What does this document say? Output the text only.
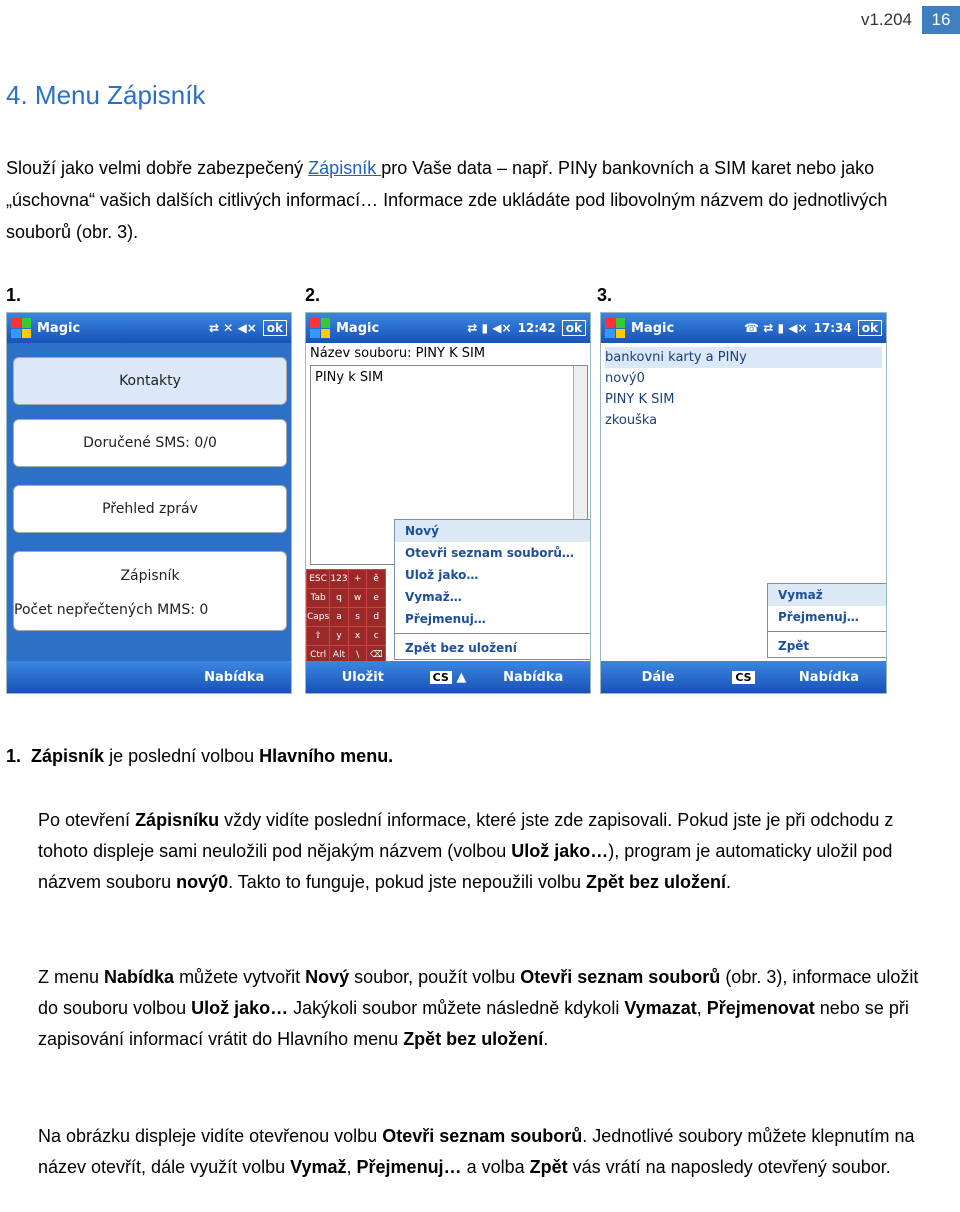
v1.204	16
4. Menu Zápisník
Slouží jako velmi dobře zabezpečený Zápisník pro Vaše data – např. PINy bankovních a SIM karet nebo jako „úschovna“ vašich dalších citlivých informací… Informace zde ukládáte pod libovolným názvem do jednotlivých souborů (obr. 3).
1.	2.	3.
Magic	⇄ ✕ ◀× ok
Kontakty
Doručené SMS: 0/0
Přehled zpráv
Zápisník
Počet nepřečtených MMS: 0
Nabídka
Magic	⇄ ▮ ◀× 12:42 ok
Název souboru: PINY K SIM
PINy k SIM
ESC 123 +	ě
Tab	q	w	e
Caps a	s	d
⇧	y	x	c
Ctrl Alt	\	⌫
Nový
Otevři seznam souborů…
Ulož jako…
Vymaž…
Přejmenuj…
Zpět bez uložení
Uložit	CS ▲	Nabídka
Magic	☎ ⇄ ▮ ◀× 17:34 ok
bankovni karty a PINy
nový0
PINY K SIM
zkouška
Vymaž
Přejmenuj…
Zpět
Dále	CS	Nabídka
1. Zápisník je poslední volbou Hlavního menu.
Po otevření Zápisníku vždy vidíte poslední informace, které jste zde zapisovali. Pokud jste je při odchodu z tohoto displeje sami neuložili pod nějakým názvem (volbou Ulož jako…), program je automaticky uložil pod názvem souboru nový0. Takto to funguje, pokud jste nepoužili volbu Zpět bez uložení.
Z menu Nabídka můžete vytvořit Nový soubor, použít volbu Otevři seznam souborů (obr. 3), informace uložit do souboru volbou Ulož jako… Jakýkoli soubor můžete následně kdykoli Vymazat, Přejmenovat nebo se při zapisování informací vrátit do Hlavního menu Zpět bez uložení.
Na obrázku displeje vidíte otevřenou volbu Otevři seznam souborů. Jednotlivé soubory můžete klepnutím na název otevřít, dále využít volbu Vymaž, Přejmenuj… a volba Zpět vás vrátí na naposledy otevřený soubor.
